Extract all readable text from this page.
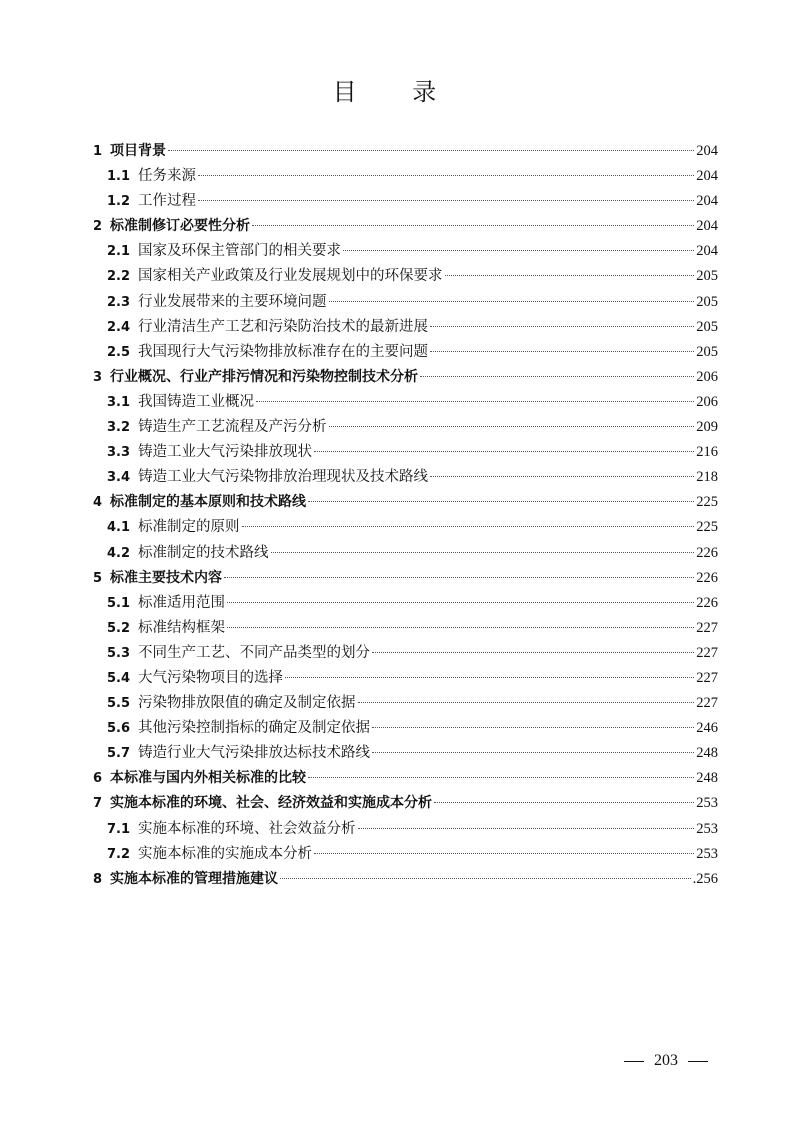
目 录
1 项目背景	204
1.1 任务来源	204
1.2 工作过程	204
2 标准制修订必要性分析	204
2.1 国家及环保主管部门的相关要求	204
2.2 国家相关产业政策及行业发展规划中的环保要求	205
2.3 行业发展带来的主要环境问题	205
2.4 行业清洁生产工艺和污染防治技术的最新进展	205
2.5 我国现行大气污染物排放标准存在的主要问题	205
3 行业概况、行业产排污情况和污染物控制技术分析	206
3.1 我国铸造工业概况	206
3.2 铸造生产工艺流程及产污分析	209
3.3 铸造工业大气污染排放现状	216
3.4 铸造工业大气污染物排放治理现状及技术路线	218
4 标准制定的基本原则和技术路线	225
4.1 标准制定的原则	225
4.2 标准制定的技术路线	226
5 标准主要技术内容	226
5.1 标准适用范围	226
5.2 标准结构框架	227
5.3 不同生产工艺、不同产品类型的划分	227
5.4 大气污染物项目的选择	227
5.5 污染物排放限值的确定及制定依据	227
5.6 其他污染控制指标的确定及制定依据	246
5.7 铸造行业大气污染排放达标技术路线	248
6 本标准与国内外相关标准的比较	248
7 实施本标准的环境、社会、经济效益和实施成本分析	253
7.1 实施本标准的环境、社会效益分析	253
7.2 实施本标准的实施成本分析	253
8 实施本标准的管理措施建议	.256
203
